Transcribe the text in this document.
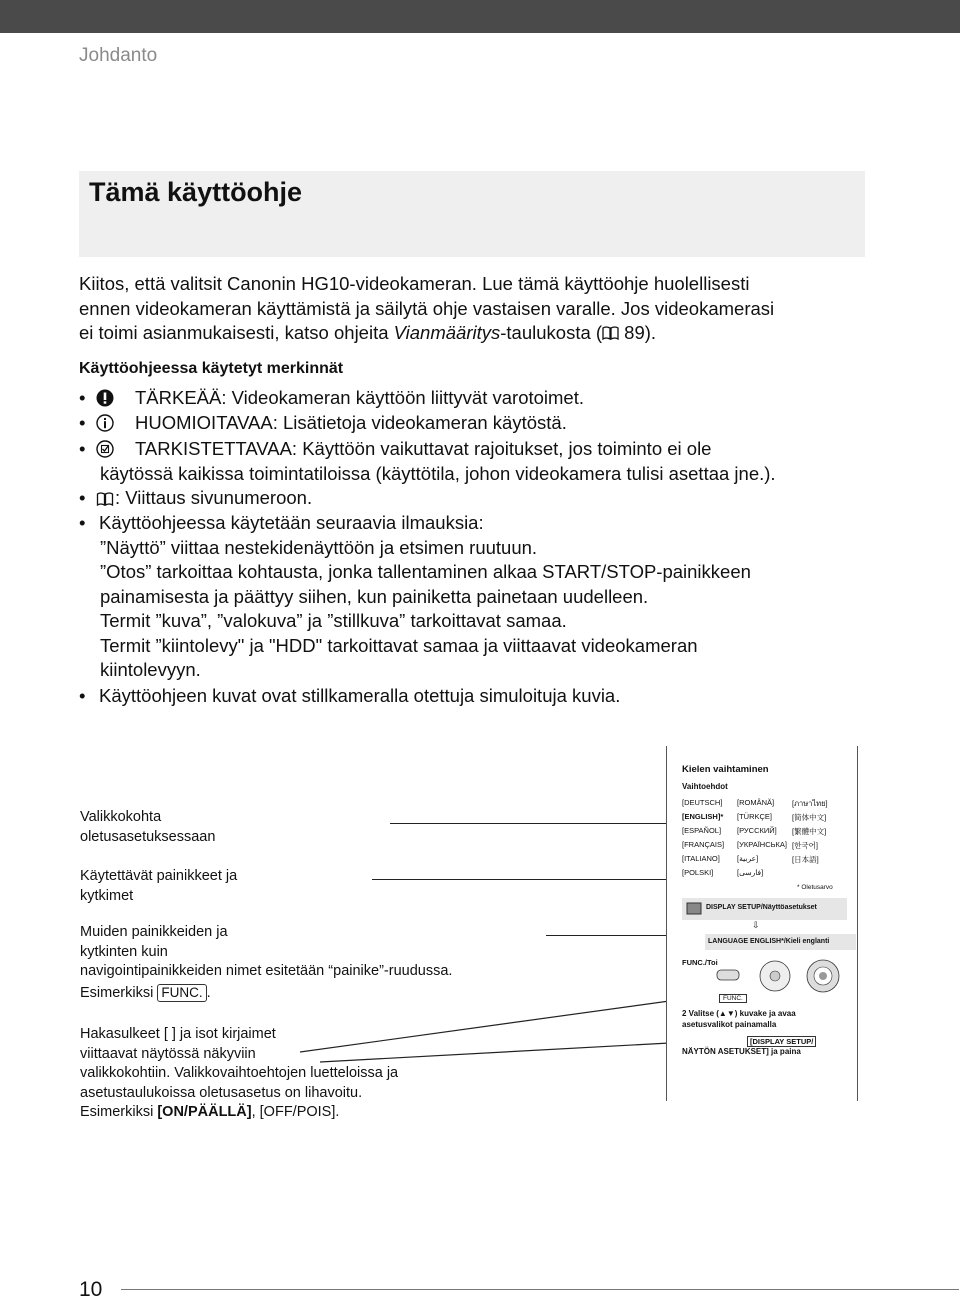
Johdanto
Tämä käyttöohje
Kiitos, että valitsit Canonin HG10-videokameran. Lue tämä käyttöohje huolellisesti
ennen videokameran käyttämistä ja säilytä ohje vastaisen varalle. Jos videokamerasi
ei toimi asianmukaisesti, katso ohjeita Vianmääritys-taulukosta ( 89).
Käyttöohjeessa käytetyt merkinnät
•	TÄRKEÄÄ: Videokameran käyttöön liittyvät varotoimet.
•	HUOMIOITAVAA: Lisätietoja videokameran käytöstä.
•	TARKISTETTAVAA: Käyttöön vaikuttavat rajoitukset, jos toiminto ei ole
käytössä kaikissa toimintatiloissa (käyttötila, johon videokamera tulisi asettaa jne.).
• : Viittaus sivunumeroon.
• Käyttöohjeessa käytetään seuraavia ilmauksia:
”Näyttö” viittaa nestekidenäyttöön ja etsimen ruutuun.
”Otos” tarkoittaa kohtausta, jonka tallentaminen alkaa START/STOP-painikkeen
painamisesta ja päättyy siihen, kun painiketta painetaan uudelleen.
Termit ”kuva”, ”valokuva” ja ”stillkuva” tarkoittavat samaa.
Termit ”kiintolevy" ja "HDD" tarkoittavat samaa ja viittaavat videokameran
kiintolevyyn.
• Käyttöohjeen kuvat ovat stillkameralla otettuja simuloituja kuvia.
Valikkokohta
oletusasetuksessaan
Käytettävät painikkeet ja
kytkimet
Muiden painikkeiden ja
kytkinten kuin
navigointipainikkeiden nimet esitetään “painike”-ruudussa.
Esimerkiksi FUNC. .
Hakasulkeet [ ] ja isot kirjaimet
viittaavat näytössä näkyviin
valikkokohtiin. Valikkovaihtoehtojen luetteloissa ja
asetustaulukoissa oletusasetus on lihavoitu.
Esimerkiksi [ON/PÄÄLLÄ], [OFF/POIS].
Kielen vaihtaminen
Vaihtoehdot
[DEUTSCH] [ROMÂNĂ] [ภาษาไทย]
[ENGLISH]* [TÜRKÇE]	[简体中文]
[ESPAÑOL] [РУССКИЙ] [繁體中文]
[FRANÇAIS] [УКРАЇНСЬКА] [한국어]
[ITALIANO] [عربية]	[日本語]
[POLSKI]	[فارسی]
* Oletusarvo
DISPLAY SETUP/Näyttöasetukset
⇩
LANGUAGE ENGLISH*/Kieli englanti
FUNC./Toi
FUNC.
2 Valitse (▲▼) kuvake ja avaa asetusvalikot painamalla
NÄYTÖN ASETUKSET] ja paina
[DISPLAY SETUP/
10
